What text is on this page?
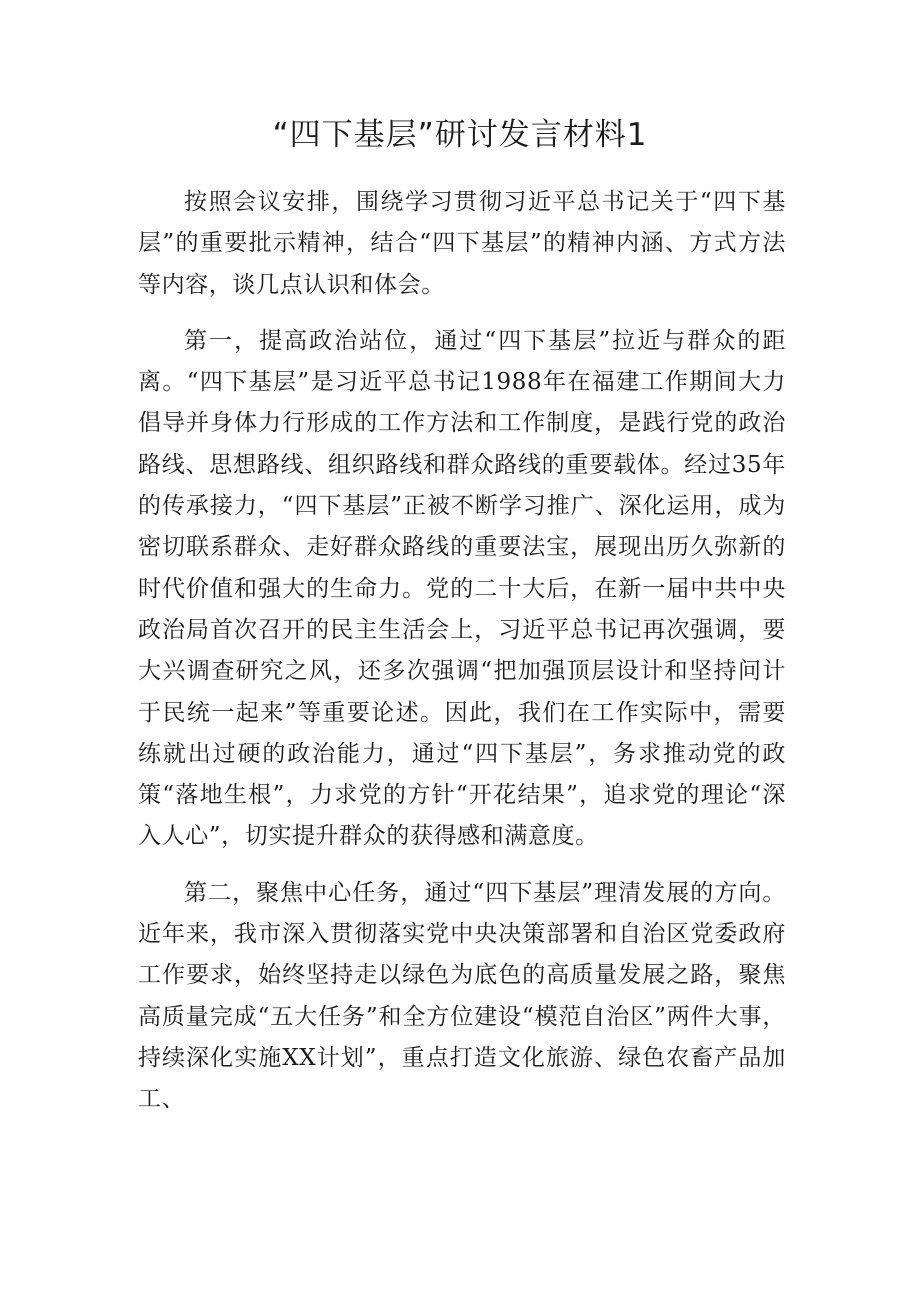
“四下基层”研讨发言材料1

按照会议安排，围绕学习贯彻习近平总书记关于“四下基层”的重要批示精神，结合“四下基层”的精神内涵、方式方法等内容，谈几点认识和体会。

第一，提高政治站位，通过“四下基层”拉近与群众的距离。“四下基层”是习近平总书记1988年在福建工作期间大力倡导并身体力行形成的工作方法和工作制度，是践行党的政治路线、思想路线、组织路线和群众路线的重要载体。经过35年的传承接力，“四下基层”正被不断学习推广、深化运用，成为密切联系群众、走好群众路线的重要法宝，展现出历久弥新的时代价值和强大的生命力。党的二十大后，在新一届中共中央政治局首次召开的民主生活会上，习近平总书记再次强调，要大兴调查研究之风，还多次强调“把加强顶层设计和坚持问计于民统一起来”等重要论述。因此，我们在工作实际中，需要练就出过硬的政治能力，通过“四下基层”，务求推动党的政策“落地生根”，力求党的方针“开花结果”，追求党的理论“深入人心”，切实提升群众的获得感和满意度。

第二，聚焦中心任务，通过“四下基层”理清发展的方向。近年来，我市深入贯彻落实党中央决策部署和自治区党委政府工作要求，始终坚持走以绿色为底色的高质量发展之路，聚焦高质量完成“五大任务”和全方位建设“模范自治区”两件大事，持续深化实施XX计划”，重点打造文化旅游、绿色农畜产品加工、
